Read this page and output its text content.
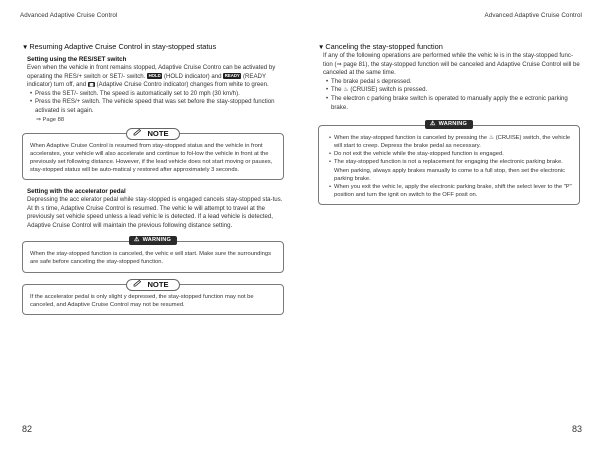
Advanced Adaptive Cruise Control
▼Resuming Adaptive Cruise Control in stay-stopped status
Setting using the RES/SET switch
Even when the vehicle in front remains stopped, Adaptive Cruise Contro can be activated by operating the RES/+ switch or SET/- switch. HOLD (HOLD indicator) and READY (READY indicator) turn off, and ▦ (Adaptive Cruise Contro indicator) changes from white to green.
• Press the SET/- switch. The speed is automatically set to 20 mph (30 km/h).
• Press the RES/+ switch. The vehicle speed that was set before the stay-stopped function activated is set again.
⇒ Page 88
NOTE
When Adaptive Cruise Control is resumed from stay-stopped status and the vehicle in front accelerates, your vehicle will also accelerate and continue to fol-low the vehicle in front at the previously set following distance. However, if the lead vehicle does not start moving or pauses, stay-stopped status will be auto-matical y restored after approximately 3 seconds.
Setting with the accelerator pedal
Depressing the acc elerator pedal while stay-stopped is engaged cancels stay-stopped sta-tus. At th s time, Adaptive Cruise Control is resumed. The vehic le will attempt to travel at the previously set vehicle speed unless a lead vehic le is detected. If a lead vehicle is detected, Adaptive Cruise Control will maintain the previous following distance setting.
⚠ WARNING
When the stay-stopped function is canceled, the vehic e will start. Make sure the surroundings are safe before canceling the stay-stopped function.
NOTE
If the accelerator pedal is only slight y depressed, the stay-stopped function may not be canceled, and Adaptive Cruise Control may not be resumed.
82
Advanced Adaptive Cruise Control
▼Canceling the stay-stopped function
If any of the following operations are performed while the vehic le is in the stay-stopped func-tion (⇒ page 81), the stay-stopped function will be canceled and Adaptive Cruise Control will be canceled at the same time.
• The brake pedal s depressed.
• The ♨ (CRUISE) switch is pressed.
• The electron c parking brake switch is operated to manually apply the e ectronic parking brake.
⚠ WARNING
• When the stay-stopped function is canceled by pressing the ♨ (CRUISE) switch, the vehicle will start to creep. Depress the brake pedal as necessary.
• Do not exit the vehicle while the stay-stopped function is engaged.
• The stay-stopped function is not a replacement for engaging the electronic parking brake. When parking, always apply brakes manually to come to a full stop, then set the electronic parking brake.
• When you exit the vehic le, apply the electronic parking brake, shift the select lever to the "P" position and turn the ignit on switch to the OFF posit on.
83
